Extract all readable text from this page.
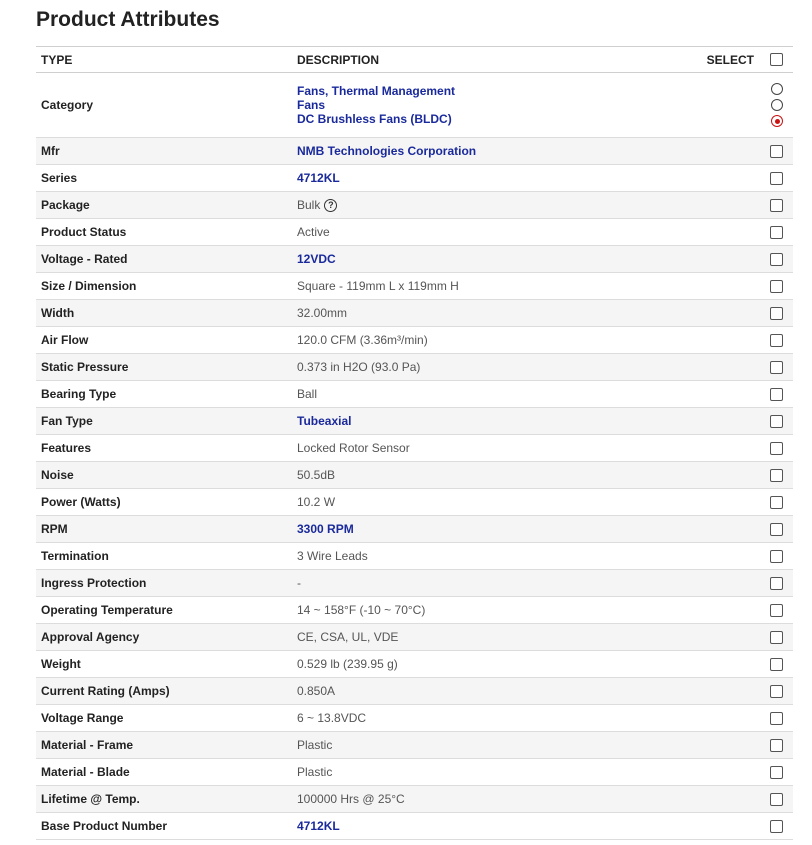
Product Attributes
TYPE	DESCRIPTION	SELECT
Category	Fans, Thermal Management
Fans
DC Brushless Fans (BLDC)	

Mfr	NMB Technologies Corporation	
Series	4712KL	
Package	Bulk ?	
Product Status	Active	
Voltage - Rated	12VDC	
Size / Dimension	Square - 119mm L x 119mm H	
Width	32.00mm	
Air Flow	120.0 CFM (3.36m³/min)	
Static Pressure	0.373 in H2O (93.0 Pa)	
Bearing Type	Ball	
Fan Type	Tubeaxial	
Features	Locked Rotor Sensor	
Noise	50.5dB	
Power (Watts)	10.2 W	
RPM	3300 RPM	
Termination	3 Wire Leads	
Ingress Protection	-	
Operating Temperature	14 ~ 158°F (-10 ~ 70°C)	
Approval Agency	CE, CSA, UL, VDE	
Weight	0.529 lb (239.95 g)	
Current Rating (Amps)	0.850A	
Voltage Range	6 ~ 13.8VDC	
Material - Frame	Plastic	
Material - Blade	Plastic	
Lifetime @ Temp.	100000 Hrs @ 25°C	
Base Product Number	4712KL	
